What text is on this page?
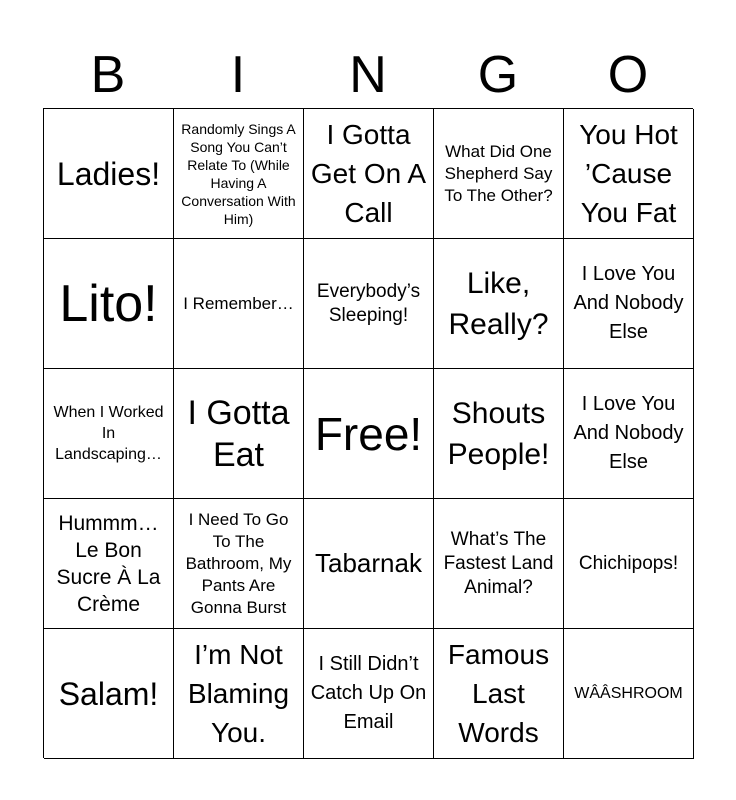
B	I	N	G	O
Ladies!
Randomly Sings A Song You Can’t Relate To (While Having A Conversation With Him)
I Gotta Get On A Call
What Did One Shepherd Say To The Other?
You Hot ’Cause You Fat
Lito! I Remember…
Everybody’s Sleeping!
Like, Really?
I Love You And Nobody Else
When I Worked In Landscaping…
I Gotta Eat	Free! Shouts People!
I Love You And Nobody Else
Hummm… Le Bon Sucre À La Crème
I Need To Go To The Bathroom, My Pants Are Gonna Burst
Tabarnak
What’s The Fastest Land Animal?
Chichipops!
Salam!
I’m Not Blaming You.
I Still Didn’t Catch Up On Email
Famous Last Words
WÂÂSHROOM
